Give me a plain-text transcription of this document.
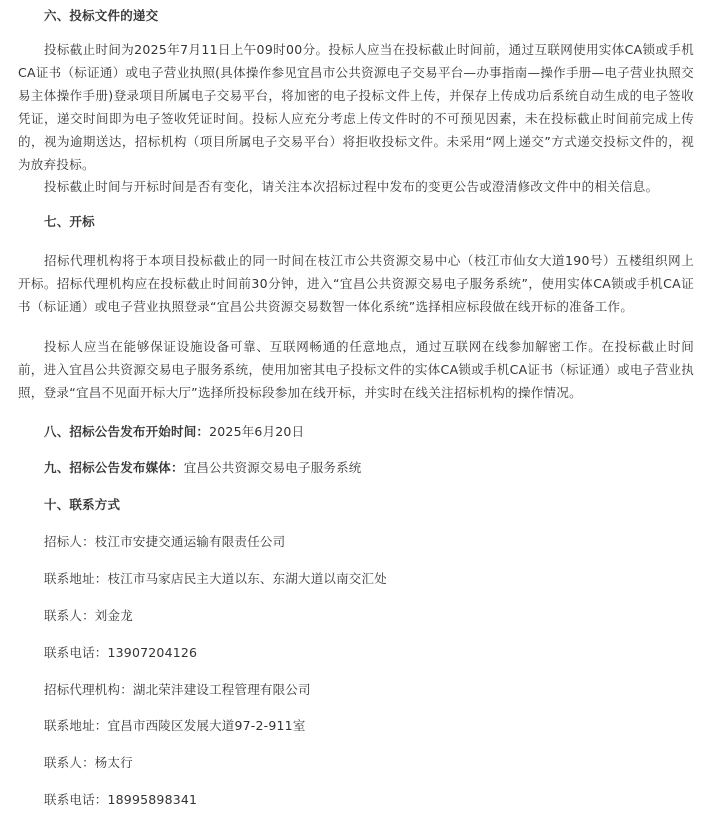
六、投标文件的递交
投标截止时间为2025年7月11日上午09时00分。投标人应当在投标截止时间前，通过互联网使用实体CA锁或手机CA证书（标证通）或电子营业执照(具体操作参见宜昌市公共资源电子交易平台—办事指南—操作手册—电子营业执照交易主体操作手册)登录项目所属电子交易平台，将加密的电子投标文件上传，并保存上传成功后系统自动生成的电子签收凭证，递交时间即为电子签收凭证时间。投标人应充分考虑上传文件时的不可预见因素，未在投标截止时间前完成上传的，视为逾期送达，招标机构（项目所属电子交易平台）将拒收投标文件。未采用“网上递交”方式递交投标文件的，视为放弃投标。
投标截止时间与开标时间是否有变化，请关注本次招标过程中发布的变更公告或澄清修改文件中的相关信息。
七、开标
招标代理机构将于本项目投标截止的同一时间在枝江市公共资源交易中心（枝江市仙女大道190号）五楼组织网上开标。招标代理机构应在投标截止时间前30分钟，进入“宜昌公共资源交易电子服务系统”，使用实体CA锁或手机CA证书（标证通）或电子营业执照登录“宜昌公共资源交易数智一体化系统”选择相应标段做在线开标的准备工作。
投标人应当在能够保证设施设备可靠、互联网畅通的任意地点，通过互联网在线参加解密工作。在投标截止时间前，进入宜昌公共资源交易电子服务系统，使用加密其电子投标文件的实体CA锁或手机CA证书（标证通）或电子营业执照，登录“宜昌不见面开标大厅”选择所投标段参加在线开标，并实时在线关注招标机构的操作情况。
八、招标公告发布开始时间：2025年6月20日
九、招标公告发布媒体：宜昌公共资源交易电子服务系统
十、联系方式
招标人：枝江市安捷交通运输有限责任公司
联系地址：枝江市马家店民主大道以东、东湖大道以南交汇处
联系人：刘金龙
联系电话：13907204126
招标代理机构：湖北荣沣建设工程管理有限公司
联系地址：宜昌市西陵区发展大道97-2-911室
联系人：杨太行
联系电话：18995898341
